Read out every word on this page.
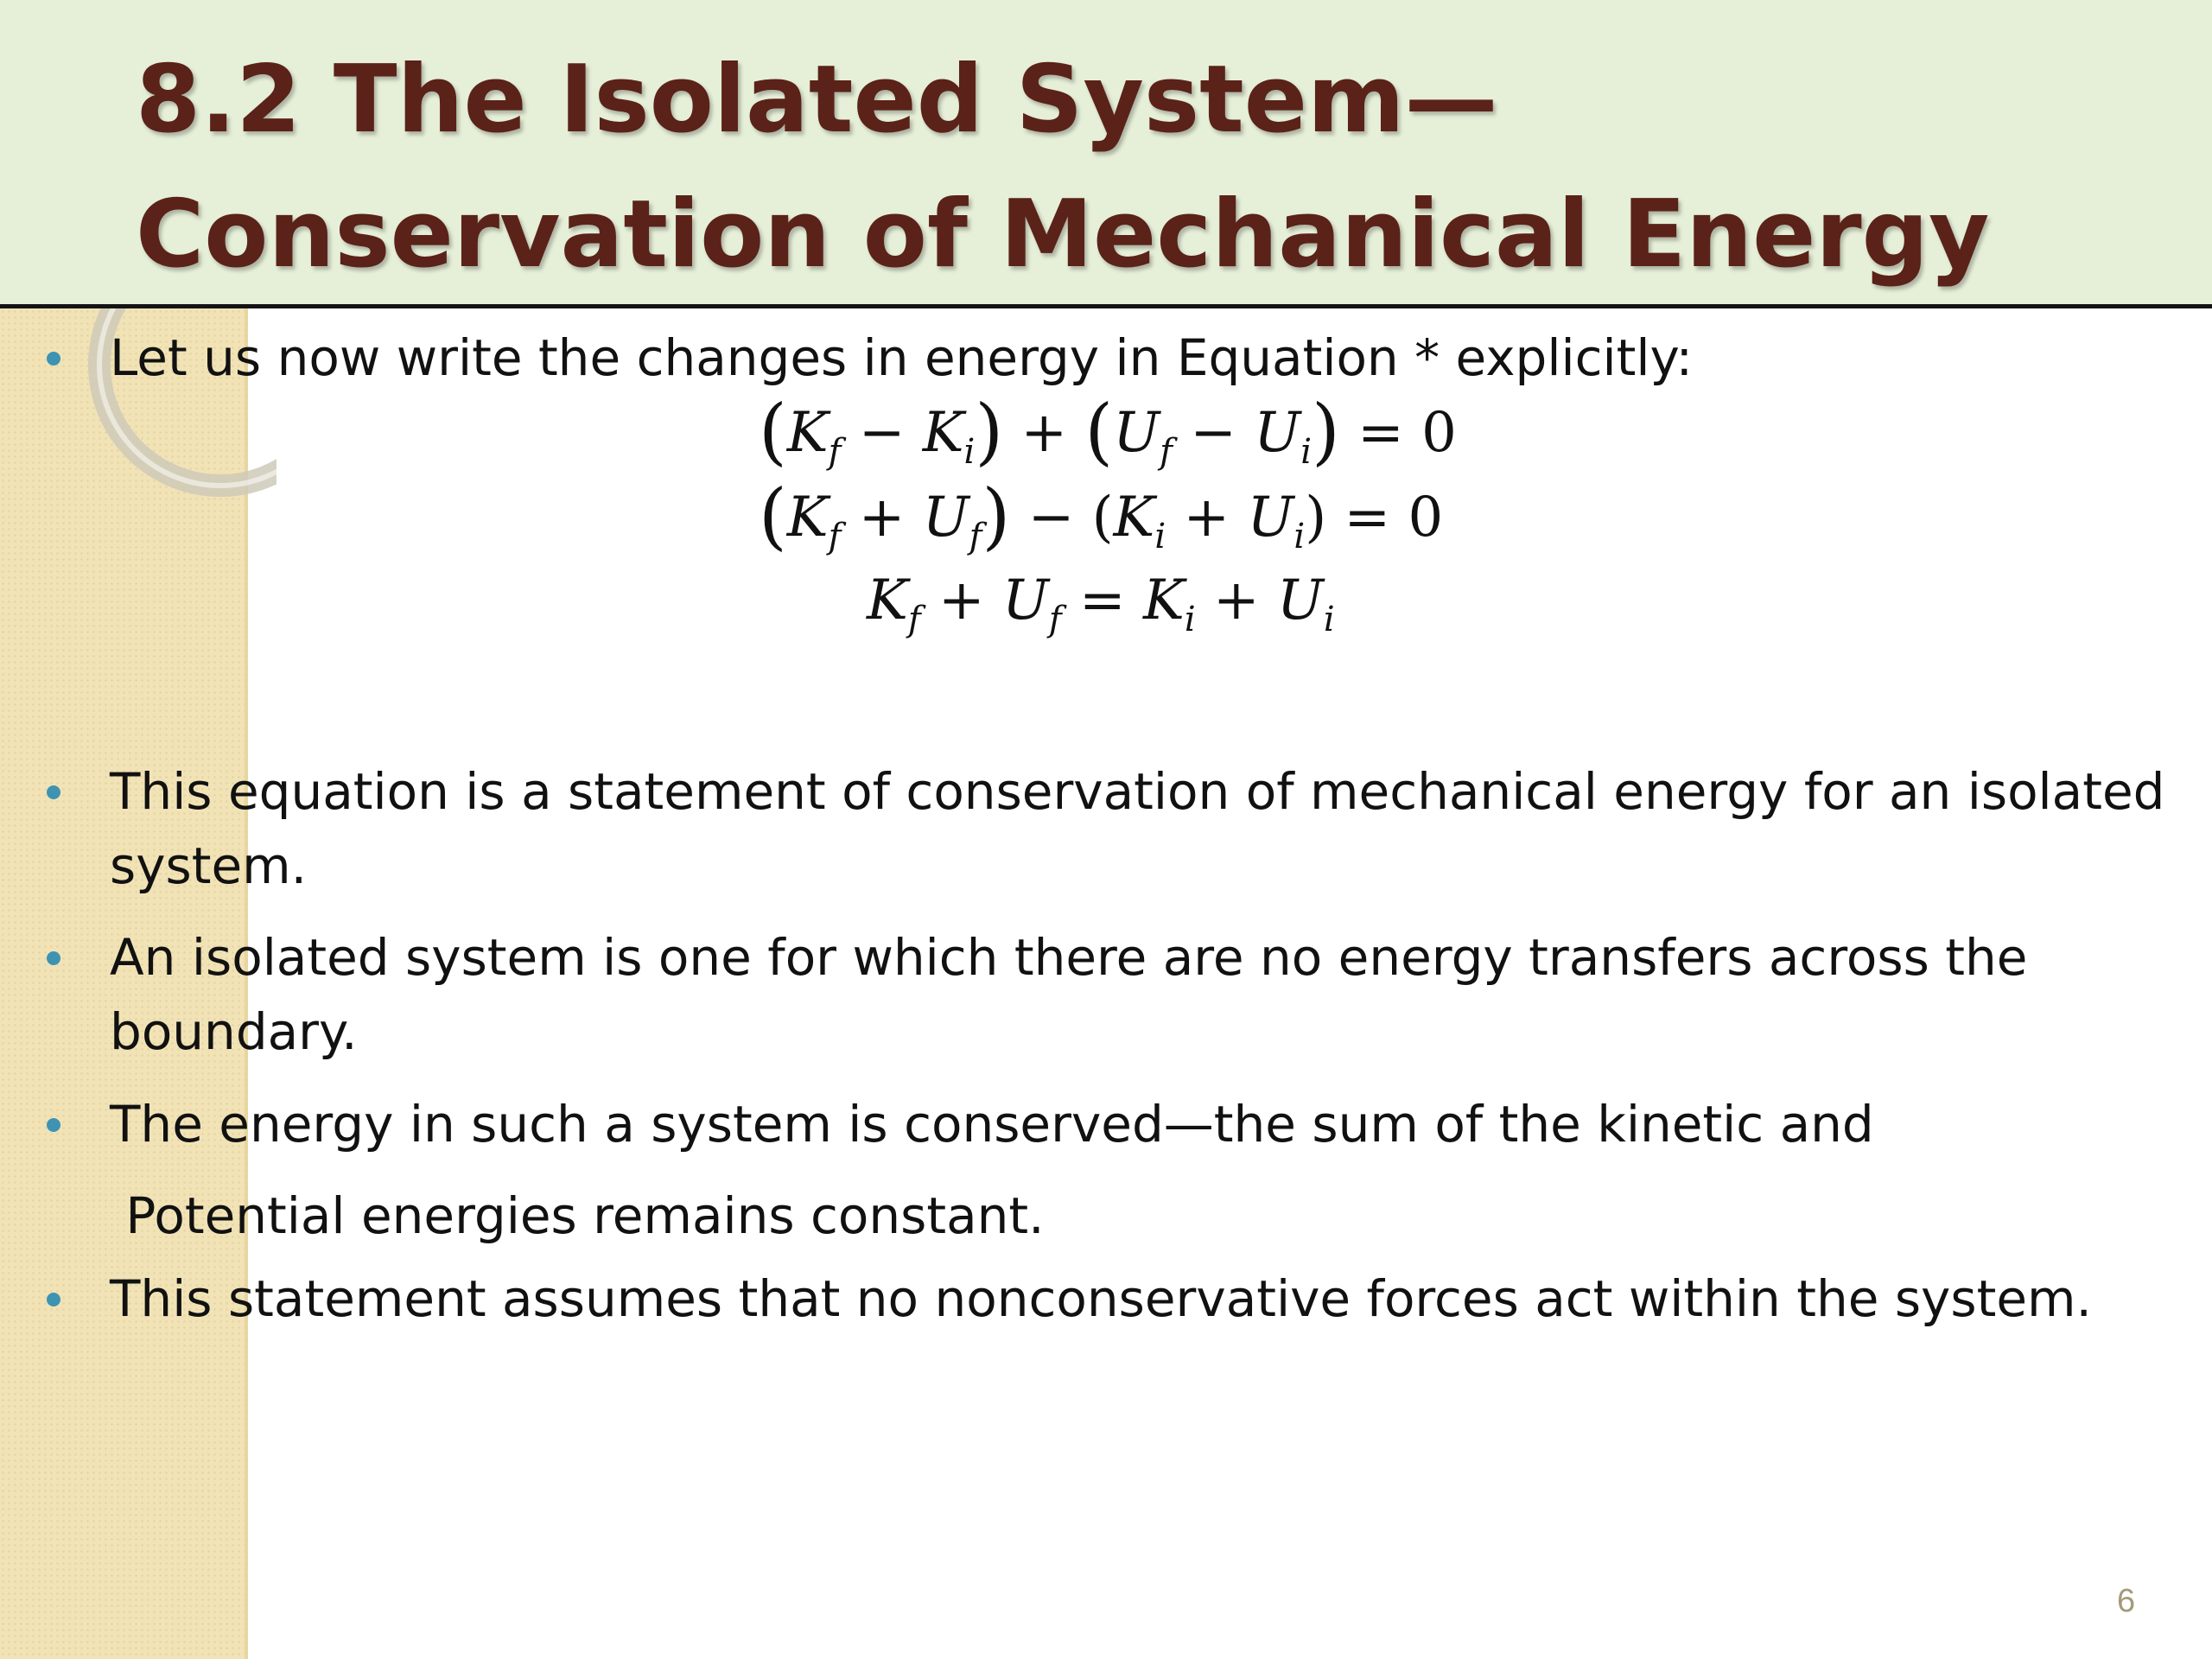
8.2 The Isolated System—
Conservation of Mechanical Energy

Let us now write the changes in energy in Equation * explicitly:

$(K_f - K_i) + (U_f - U_i) = 0$
$(K_f + U_f) - (K_i + U_i) = 0$
$K_f + U_f = K_i + U_i$

This equation is a statement of conservation of mechanical energy for an isolated

system.

An isolated system is one for which there are no energy transfers across the

boundary.

The energy in such a system is conserved—the sum of the kinetic and

Potential energies remains constant.

This statement assumes that no nonconservative forces act within the system.

6
